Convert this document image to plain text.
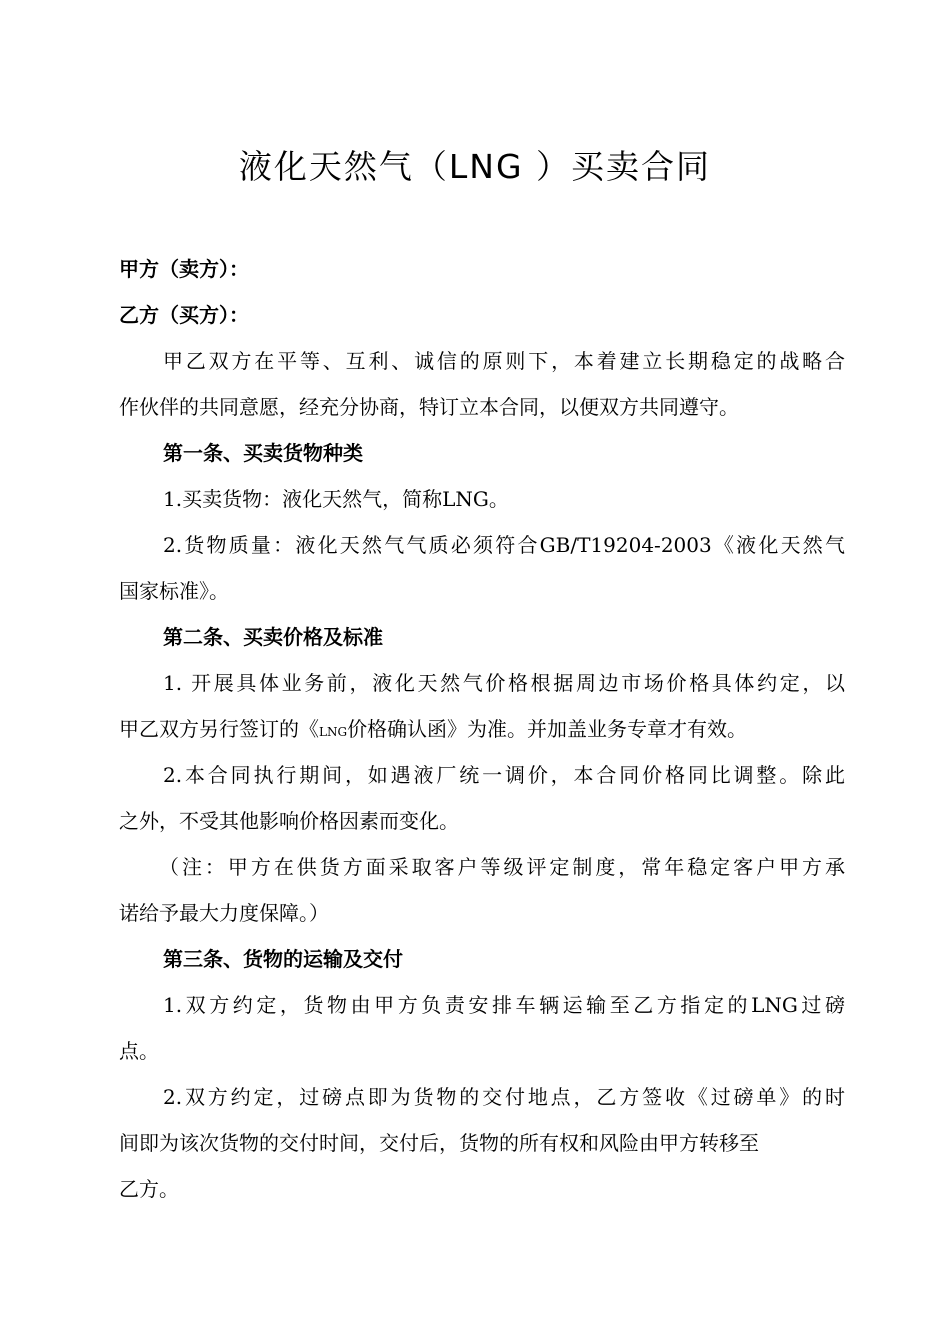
液化天然气（LNG ）买卖合同
甲方（卖方）：
乙方（买方）：
甲乙双方在平等、互利、诚信的原则下，本着建立长期稳定的战略合
作伙伴的共同意愿，经充分协商，特订立本合同，以便双方共同遵守。
第一条、买卖货物种类
1.买卖货物：液化天然气，简称LNG。
2.货物质量：液化天然气气质必须符合GB/T19204-2003《液化天然气
国家标准》。
第二条、买卖价格及标准
1. 开展具体业务前，液化天然气价格根据周边市场价格具体约定，以
甲乙双方另行签订的《LNG价格确认函》为准。并加盖业务专章才有效。
2.本合同执行期间，如遇液厂统一调价，本合同价格同比调整。除此
之外，不受其他影响价格因素而变化。
（注：甲方在供货方面采取客户等级评定制度，常年稳定客户甲方承
诺给予最大力度保障。）
第三条、货物的运输及交付
1.双方约定，货物由甲方负责安排车辆运输至乙方指定的LNG过磅
点。
2.双方约定，过磅点即为货物的交付地点，乙方签收《过磅单》的时
间即为该次货物的交付时间，交付后，货物的所有权和风险由甲方转移至
乙方。
